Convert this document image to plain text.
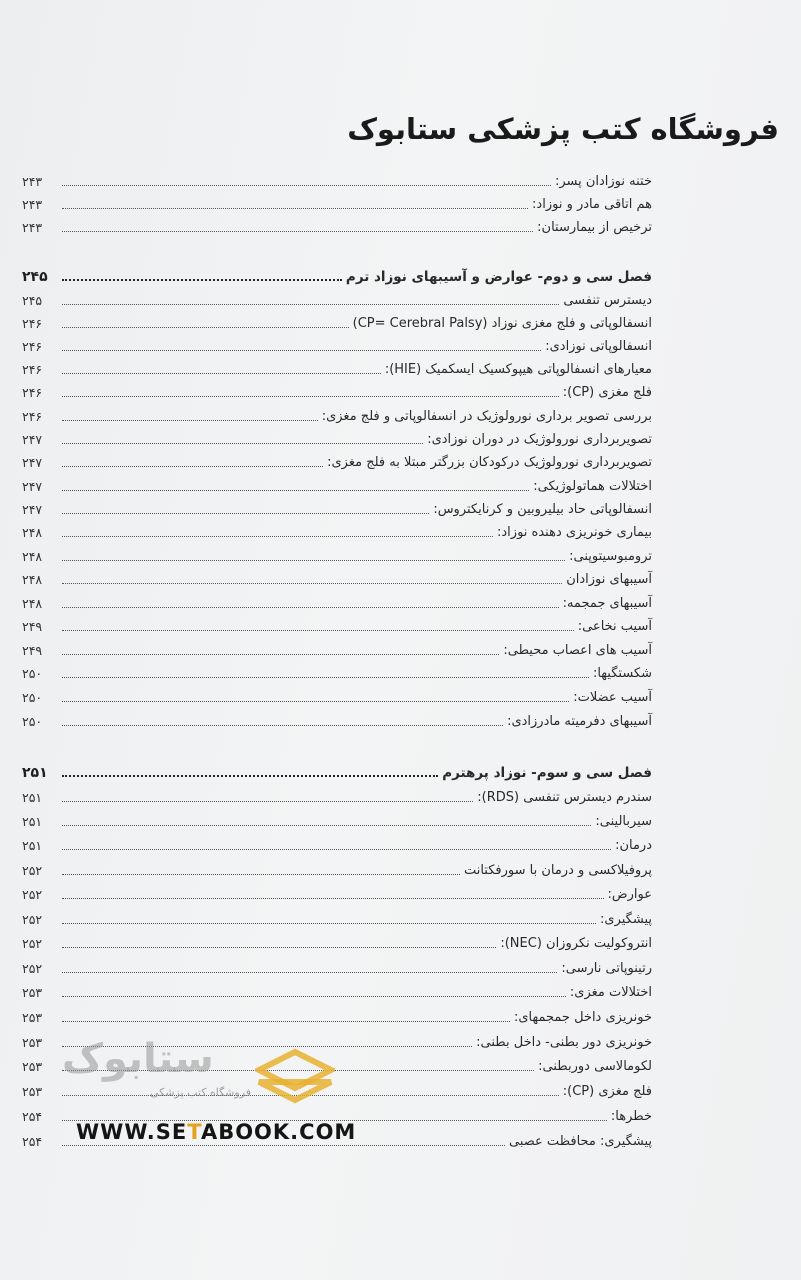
فروشگاه کتب پزشکی ستابوک
ختنه نوزادان پسر:
۲۴۳
هم اتاقی مادر و نوزاد:
۲۴۳
ترخیص از بیمارستان:
۲۴۳
فصل سی و دوم- عوارض و آسیبهای نوزاد ترم
۲۴۵
دیسترس تنفسی
۲۴۵
انسفالوپاتی و فلج مغزی نوزاد (CP= Cerebral Palsy)
۲۴۶
انسفالوپاتی نوزادی:
۲۴۶
معیارهای انسفالوپاتی هیپوکسیک ایسکمیک (HIE):
۲۴۶
فلج مغزی (CP):
۲۴۶
بررسی تصویر برداری نورولوژیک در انسفالوپاتی و فلج مغزی:
۲۴۶
تصویربرداری نورولوژیک در دوران نوزادی:
۲۴۷
تصویربرداری نورولوژیک درکودکان بزرگتر مبتلا به فلج مغزی:
۲۴۷
اختلالات هماتولوژیکی:
۲۴۷
انسفالوپاتی حاد بیلیروبین و کرنایکتروس:
۲۴۷
بیماری خونریزی دهنده نوزاد:
۲۴۸
ترومبوسیتوپنی:
۲۴۸
آسیبهای نوزادان
۲۴۸
آسیبهای جمجمه:
۲۴۸
آسیب نخاعی:
۲۴۹
آسیب های اعصاب محیطی:
۲۴۹
شکستگیها:
۲۵۰
آسیب عضلات:
۲۵۰
آسیبهای دفرمیته مادرزادی:
۲۵۰
فصل سی و سوم- نوزاد پرهترم
۲۵۱
سندرم دیسترس تنفسی (RDS):
۲۵۱
سیربالینی:
۲۵۱
درمان:
۲۵۱
پروفیلاکسی و درمان با سورفکتانت
۲۵۲
عوارض:
۲۵۲
پیشگیری:
۲۵۲
انتروکولیت نکروزان (NEC):
۲۵۲
رتینوپاتی نارسی:
۲۵۲
اختلالات مغزی:
۲۵۳
خونریزی داخل جمجمهای:
۲۵۳
خونریزی دور بطنی- داخل بطنی:
۲۵۳
لکومالاسی دوربطنی:
۲۵۳
فلج مغزی (CP):
۲۵۳
خطرها:
۲۵۴
پیشگیری: محافظت عصبی
۲۵۴
ستابوک
فروشگاه کتب پزشکی
WWW.SETABOOK.COM
